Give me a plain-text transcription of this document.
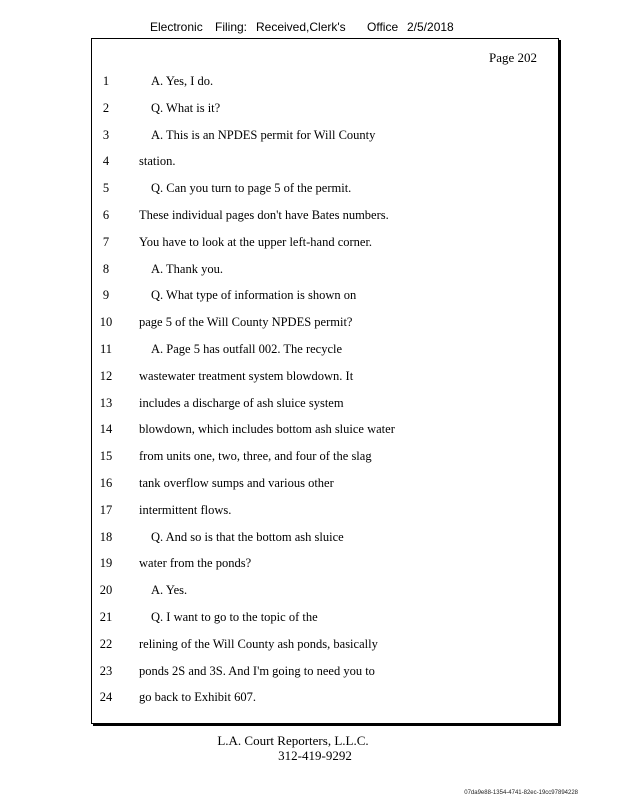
Electronic Filing: Received,Clerk's Office 2/5/2018
Page 202
1	A. Yes, I do.
2	Q. What is it?
3	A. This is an NPDES permit for Will County
4	station.
5	Q. Can you turn to page 5 of the permit.
6	These individual pages don't have Bates numbers.
7	You have to look at the upper left-hand corner.
8	A. Thank you.
9	Q. What type of information is shown on
10	page 5 of the Will County NPDES permit?
11	A. Page 5 has outfall 002. The recycle
12	wastewater treatment system blowdown. It
13	includes a discharge of ash sluice system
14	blowdown, which includes bottom ash sluice water
15	from units one, two, three, and four of the slag
16	tank overflow sumps and various other
17	intermittent flows.
18	Q. And so is that the bottom ash sluice
19	water from the ponds?
20	A. Yes.
21	Q. I want to go to the topic of the
22	relining of the Will County ash ponds, basically
23	ponds 2S and 3S. And I'm going to need you to
24	go back to Exhibit 607.
L.A. Court Reporters, L.L.C.
312-419-9292
07da9e88-1354-4741-82ec-19cc97894228
